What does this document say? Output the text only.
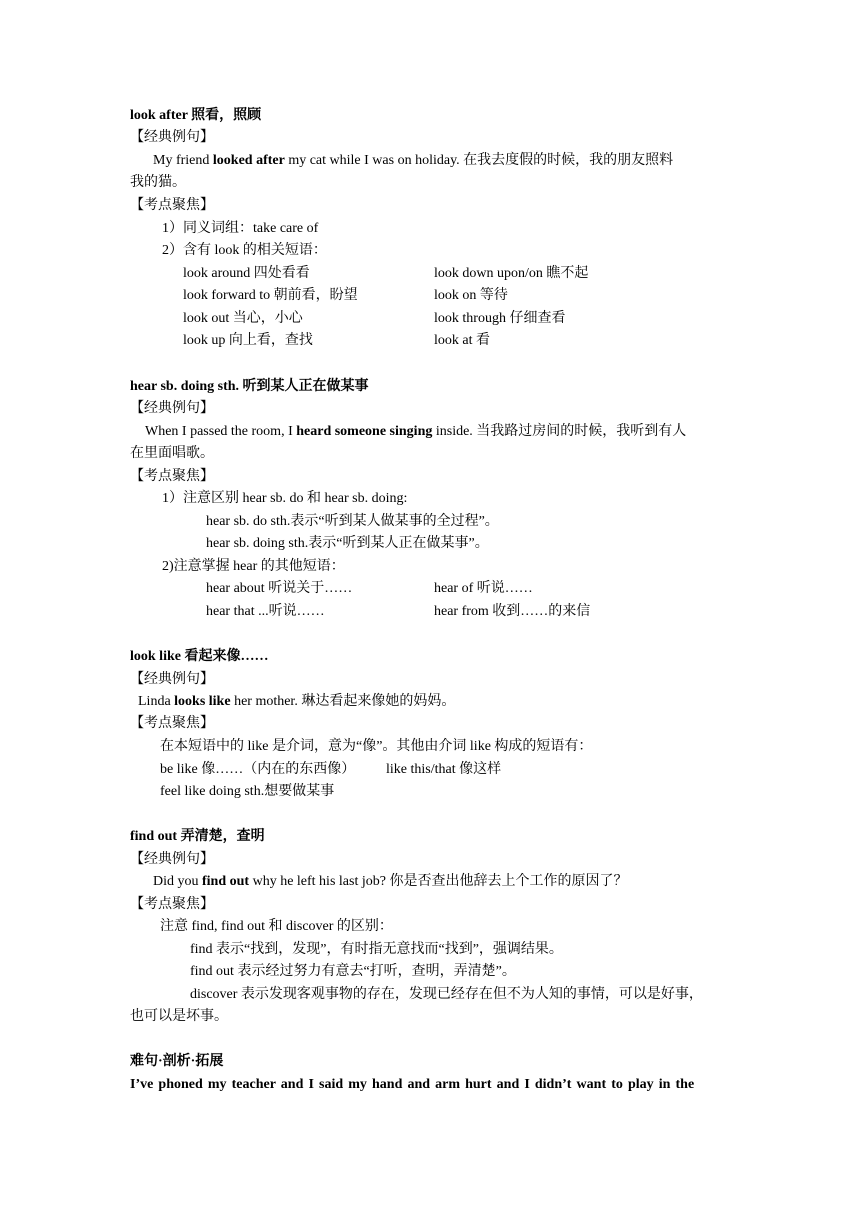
look after 照看，照顾
【经典例句】
My friend looked after my cat while I was on holiday. 在我去度假的时候，我的朋友照料
我的猫。
【考点聚焦】
1）同义词组：take care of
2）含有 look 的相关短语：
look around 四处看看	look down upon/on 瞧不起
look forward to 朝前看，盼望	look on 等待
look out 当心，小心	look through 仔细查看
look up 向上看，查找	look at 看
hear sb. doing sth. 听到某人正在做某事
【经典例句】
When I passed the room, I heard someone singing inside. 当我路过房间的时候，我听到有人
在里面唱歌。
【考点聚焦】
1）注意区别 hear sb. do 和 hear sb. doing:
hear sb. do sth.表示“听到某人做某事的全过程”。
hear sb. doing sth.表示“听到某人正在做某事”。
2)注意掌握 hear 的其他短语：
hear about 听说关于……	hear of 听说……
hear that ...听说……	hear from 收到……的来信
look like 看起来像……
【经典例句】
Linda looks like her mother. 琳达看起来像她的妈妈。
【考点聚焦】
在本短语中的 like 是介词，意为“像”。其他由介词 like 构成的短语有：
be like 像……（内在的东西像） like this/that 像这样
feel like doing sth.想要做某事
find out 弄清楚，查明
【经典例句】
Did you find out why he left his last job? 你是否查出他辞去上个工作的原因了？
【考点聚焦】
注意 find, find out 和 discover 的区别：
find 表示“找到，发现”，有时指无意找而“找到”，强调结果。
find out 表示经过努力有意去“打听，查明，弄清楚”。
discover 表示发现客观事物的存在，发现已经存在但不为人知的事情，可以是好事，
也可以是坏事。
难句·剖析·拓展
I’ve phoned my teacher and I said my hand and arm hurt and I didn’t want to play in the
